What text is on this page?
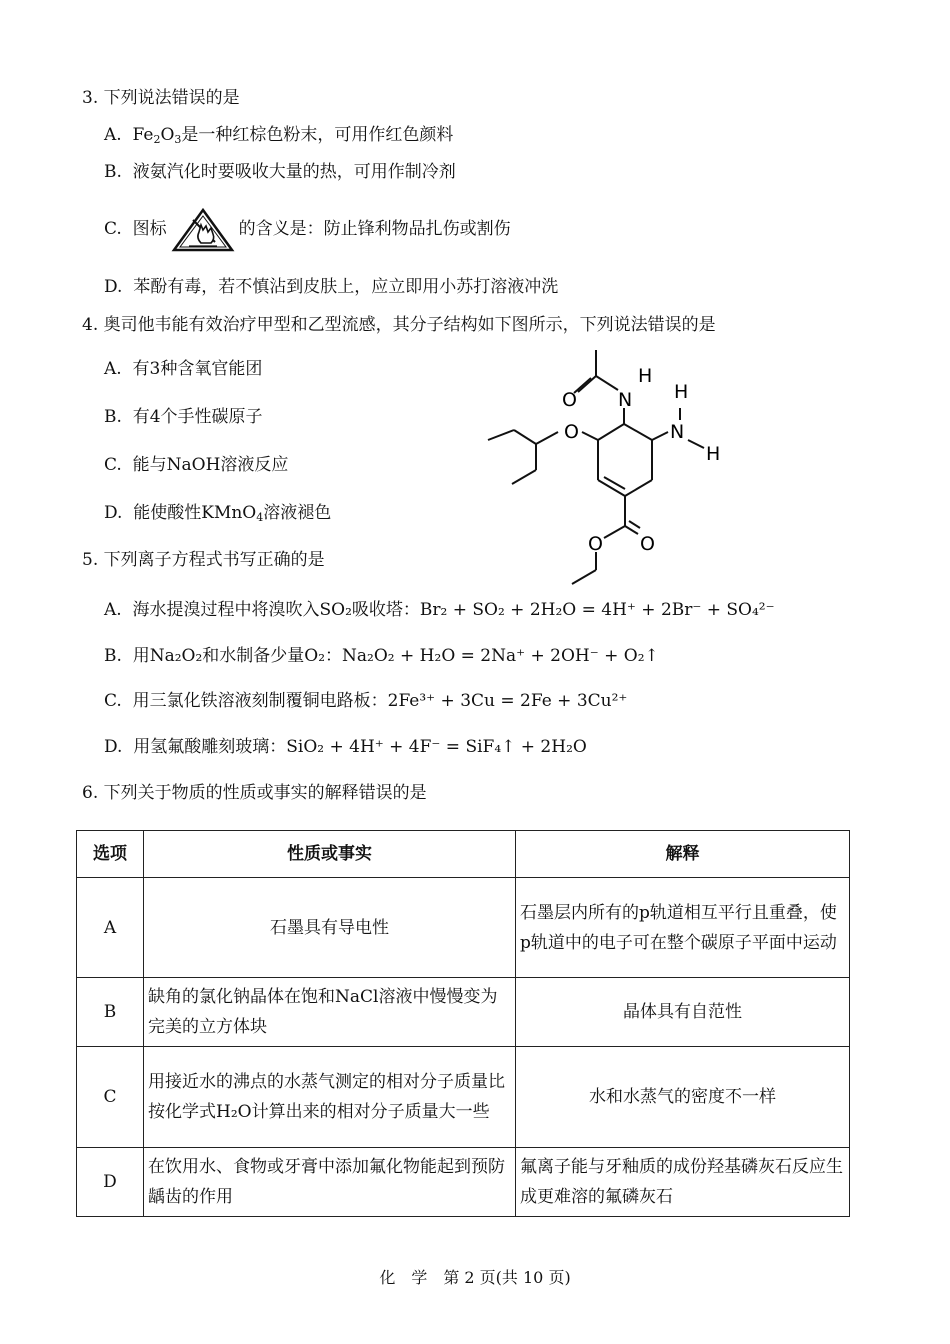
3. 下列说法错误的是
A. $Fe_2O_3$是一种红棕色粉末，可用作红色颜料
B. 液氨汽化时要吸收大量的热，可用作制冷剂
C. 图标	的含义是：防止锋利物品扎伤或割伤
D. 苯酚有毒，若不慎沾到皮肤上，应立即用小苏打溶液冲洗
4. 奥司他韦能有效治疗甲型和乙型流感，其分子结构如下图所示，下列说法错误的是
A. 有3种含氧官能团
B. 有4个手性碳原子
C. 能与NaOH溶液反应
D. 能使酸性KMnO$_4$溶液褪色
O N
H
H
N
H
O
O
O
5. 下列离子方程式书写正确的是
A. 海水提溴过程中将溴吹入SO₂吸收塔：Br₂ + SO₂ + 2H₂O = 4H⁺ + 2Br⁻ + SO₄²⁻
B. 用Na₂O₂和水制备少量O₂：Na₂O₂ + H₂O = 2Na⁺ + 2OH⁻ + O₂↑
C. 用三氯化铁溶液刻制覆铜电路板：2Fe³⁺ + 3Cu = 2Fe + 3Cu²⁺
D. 用氢氟酸雕刻玻璃：SiO₂ + 4H⁺ + 4F⁻ = SiF₄↑ + 2H₂O
6. 下列关于物质的性质或事实的解释错误的是
选项	性质或事实	解释
A	石墨具有导电性	石墨层内所有的p轨道相互平行且重叠，使p轨道中的电子可在整个碳原子平面中运动
B	缺角的氯化钠晶体在饱和NaCl溶液中慢慢变为完美的立方体块	晶体具有自范性
C	用接近水的沸点的水蒸气测定的相对分子质量比按化学式H₂O计算出来的相对分子质量大一些	水和水蒸气的密度不一样
D	在饮用水、食物或牙膏中添加氟化物能起到预防龋齿的作用	氟离子能与牙釉质的成份羟基磷灰石反应生成更难溶的氟磷灰石
化　学　第 2 页(共 10 页)
